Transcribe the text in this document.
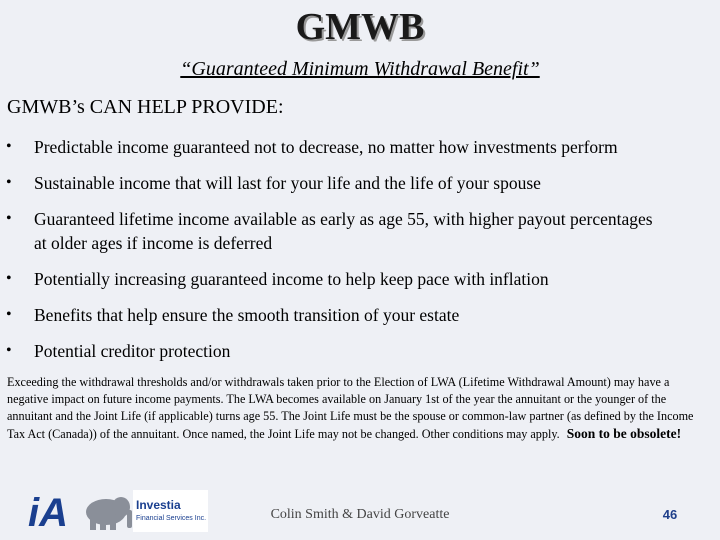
GMWB
“Guaranteed Minimum Withdrawal Benefit”
GMWB’s CAN HELP PROVIDE:
•	Predictable income guaranteed not to decrease, no matter how investments perform
•	Sustainable income that will last for your life and the life of your spouse
•	Guaranteed lifetime income available as early as age 55, with higher payout percentages at older ages if income is deferred
•	Potentially increasing guaranteed income to help keep pace with inflation
•	Benefits that help ensure the smooth transition of your estate
•	Potential creditor protection
Exceeding the withdrawal thresholds and/or withdrawals taken prior to the Election of LWA (Lifetime Withdrawal Amount) may have a negative impact on future income payments. The LWA becomes available on January 1st of the year the annuitant or the younger of the annuitant and the Joint Life (if applicable) turns age 55. The Joint Life must be the spouse or common-law partner (as defined by the Income Tax Act (Canada)) of the annuitant. Once named, the Joint Life may not be changed. Other conditions may apply. Soon to be obsolete!
iA	Investia
Financial Services Inc.	Colin Smith & David Gorveatte	46
